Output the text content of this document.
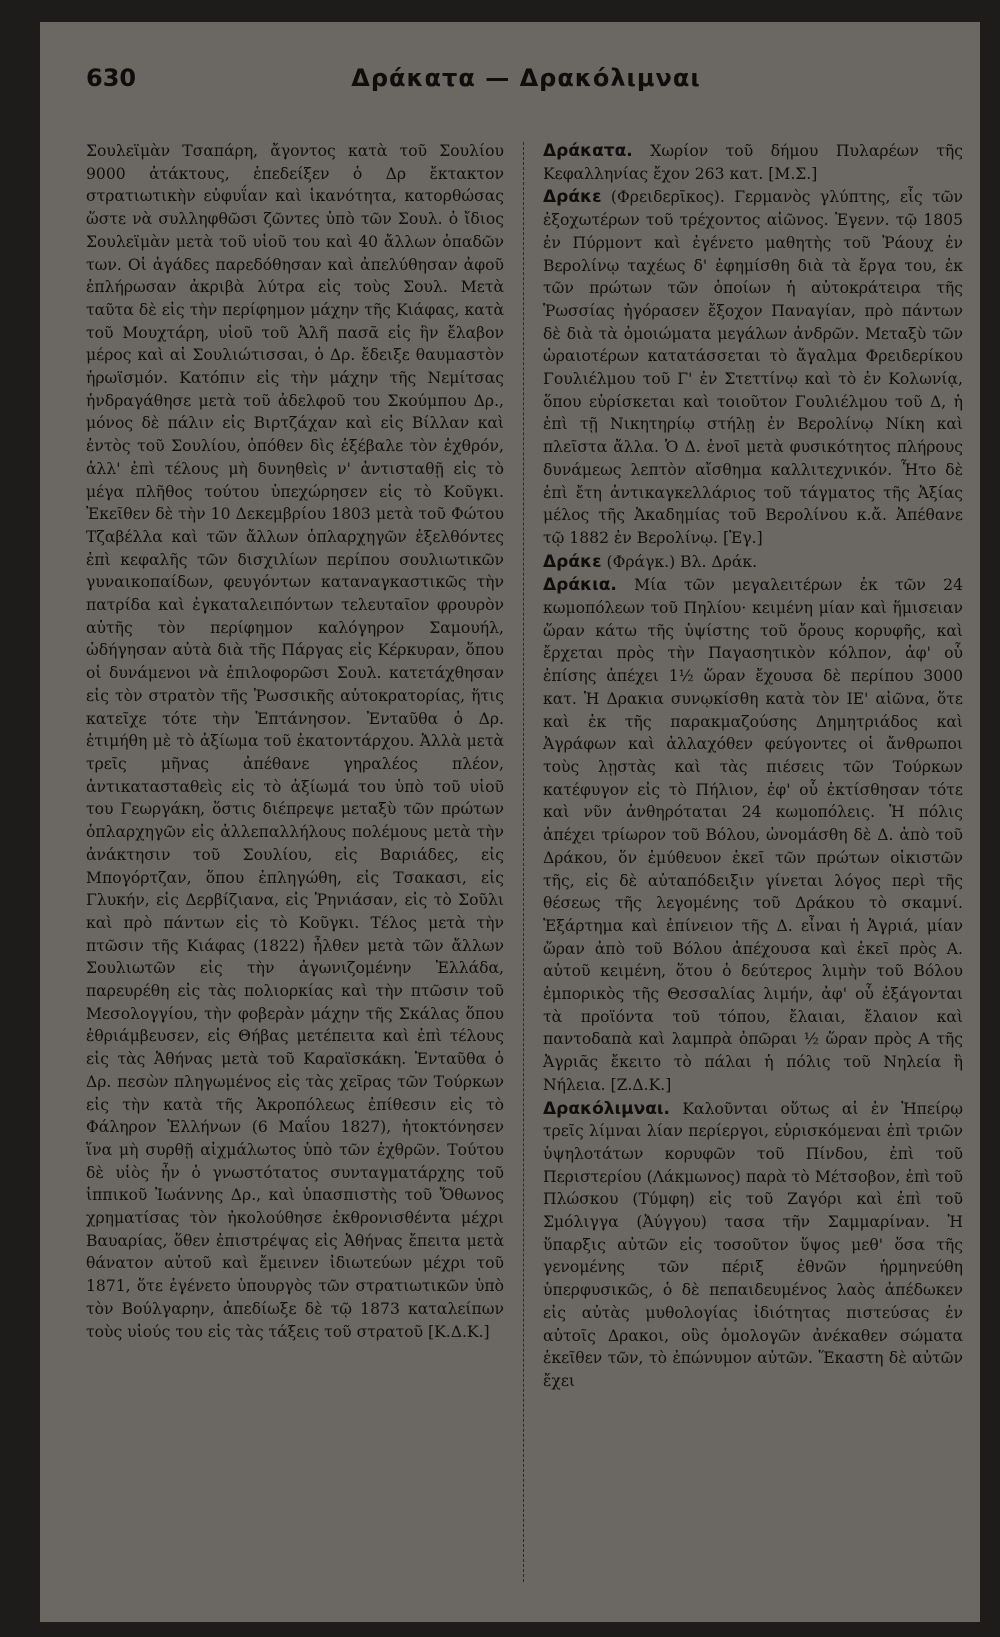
630	Δράκατα — Δρακόλιμναι

Σουλεϊμὰν Τσαπάρη, ἄγοντος κατὰ τοῦ Σουλίου 9000 ἀτάκτους, ἐπεδείξεν ὁ Δρ ἔκτακτον στρατιωτικὴν εὐφυΐαν καὶ ἱκανότητα, κατορθώσας ὥστε νὰ συλληφθῶσι ζῶντες ὑπὸ τῶν Σουλ. ὁ ἴδιος Σουλεϊμὰν μετὰ τοῦ υἱοῦ του καὶ 40 ἄλλων ὁπαδῶν των. Οἱ ἀγάδες παρεδόθησαν καὶ ἀπελύθησαν ἀφοῦ ἐπλήρωσαν ἀκριβὰ λύτρα εἰς τοὺς Σουλ. Μετὰ ταῦτα δὲ εἰς τὴν περίφημον μάχην τῆς Κιάφας, κατὰ τοῦ Μουχτάρη, υἱοῦ τοῦ Ἀλῆ πασᾶ εἰς ἣν ἔλαβον μέρος καὶ αἱ Σουλιώτισσαι, ὁ Δρ. ἔδειξε θαυμαστὸν ἡρωϊσμόν. Κατόπιν εἰς τὴν μάχην τῆς Νεμίτσας ἠνδραγάθησε μετὰ τοῦ ἀδελφοῦ του Σκούμπου Δρ., μόνος δὲ πάλιν εἰς Βιρτζάχαν καὶ εἰς Βίλλαν καὶ ἐντὸς τοῦ Σουλίου, ὁπόθεν δὶς ἐξέβαλε τὸν ἐχθρόν, ἀλλ' ἐπὶ τέλους μὴ δυνηθεὶς ν' ἀντισταθῇ εἰς τὸ μέγα πλῆθος τούτου ὑπεχώρησεν εἰς τὸ Κοῦγκι. Ἐκεῖθεν δὲ τὴν 10 Δεκεμβρίου 1803 μετὰ τοῦ Φώτου Τζαβέλλα καὶ τῶν ἄλλων ὁπλαρχηγῶν ἐξελθόντες ἐπὶ κεφαλῆς τῶν δισχιλίων περίπου σουλιωτικῶν γυναικοπαίδων, φευγόντων καταναγκαστικῶς τὴν πατρίδα καὶ ἐγκαταλειπόντων τελευταῖον φρουρὸν αὐτῆς τὸν περίφημον καλόγηρον Σαμουήλ, ὡδήγησαν αὐτὰ διὰ τῆς Πάργας εἰς Κέρκυραν, ὅπου οἱ δυνάμενοι νὰ ἐπιλοφορῶσι Σουλ. κατετάχθησαν εἰς τὸν στρατὸν τῆς Ῥωσσικῆς αὐτοκρατορίας, ἥτις κατεῖχε τότε τὴν Ἑπτάνησον. Ἐνταῦθα ὁ Δρ. ἐτιμήθη μὲ τὸ ἀξίωμα τοῦ ἑκατοντάρχου. Ἀλλὰ μετὰ τρεῖς μῆνας ἀπέθανε γηραλέος πλέον, ἀντικατασταθεὶς εἰς τὸ ἀξίωμά του ὑπὸ τοῦ υἱοῦ του Γεωργάκη, ὅστις διέπρεψε μεταξὺ τῶν πρώτων ὁπλαρχηγῶν εἰς ἀλλεπαλλήλους πολέμους μετὰ τὴν ἀνάκτησιν τοῦ Σουλίου, εἰς Βαριάδες, εἰς Μπογόρτζαν, ὅπου ἐπληγώθη, εἰς Τσακασι, εἰς Γλυκήν, εἰς Δερβίζιανα, εἰς Ῥηνιάσαν, εἰς τὸ Σοῦλι καὶ πρὸ πάντων εἰς τὸ Κοῦγκι. Τέλος μετὰ τὴν πτῶσιν τῆς Κιάφας (1822) ἦλθεν μετὰ τῶν ἄλλων Σουλιωτῶν εἰς τὴν ἀγωνιζομένην Ἑλλάδα, παρευρέθη εἰς τὰς πολιορκίας καὶ τὴν πτῶσιν τοῦ Μεσολογγίου, τὴν φοβερὰν μάχην τῆς Σκάλας ὅπου ἐθριάμβευσεν, εἰς Θήβας μετέπειτα καὶ ἐπὶ τέλους εἰς τὰς Ἀθήνας μετὰ τοῦ Καραϊσκάκη. Ἐνταῦθα ὁ Δρ. πεσὼν πληγωμένος εἰς τὰς χεῖρας τῶν Τούρκων εἰς τὴν κατὰ τῆς Ἀκροπόλεως ἐπίθεσιν εἰς τὸ Φάληρον Ἑλλήνων (6 Μαΐου 1827), ἠτοκτόνησεν ἵνα μὴ συρθῇ αἰχμάλωτος ὑπὸ τῶν ἐχθρῶν. Τούτου δὲ υἱὸς ἦν ὁ γνωστότατος συνταγματάρχης τοῦ ἱππικοῦ Ἰωάννης Δρ., καὶ ὑπασπιστὴς τοῦ Ὄθωνος χρηματίσας τὸν ἠκολούθησε ἐκθρονισθέντα μέχρι Βαυαρίας, ὅθεν ἐπιστρέψας εἰς Ἀθήνας ἔπειτα μετὰ θάνατον αὐτοῦ καὶ ἔμεινεν ἰδιωτεύων μέχρι τοῦ 1871, ὅτε ἐγένετο ὑπουργὸς τῶν στρατιωτικῶν ὑπὸ τὸν Βούλγαρην, ἀπεδίωξε δὲ τῷ 1873 καταλείπων τοὺς υἱούς του εἰς τὰς τάξεις τοῦ στρατοῦ [Κ.Δ.Κ.]

Δράκατα. Χωρίον τοῦ δήμου Πυλαρέων τῆς Κεφαλληνίας ἔχον 263 κατ. [Μ.Σ.]

Δράκε (Φρειδερῖκος). Γερμανὸς γλύπτης, εἷς τῶν ἐξοχωτέρων τοῦ τρέχοντος αἰῶνος. Ἐγενν. τῷ 1805 ἐν Πύρμοντ καὶ ἐγένετο μαθητὴς τοῦ Ῥάουχ ἐν Βερολίνῳ ταχέως δ' ἐφημίσθη διὰ τὰ ἔργα του, ἐκ τῶν πρώτων τῶν ὁποίων ἡ αὐτοκράτειρα τῆς Ῥωσσίας ἠγόρασεν ἔξοχον Παναγίαν, πρὸ πάντων δὲ διὰ τὰ ὁμοιώματα μεγάλων ἀνδρῶν. Μεταξὺ τῶν ὡραιοτέρων κατατάσσεται τὸ ἄγαλμα Φρειδερίκου Γουλιέλμου τοῦ Γ' ἐν Στεττίνῳ καὶ τὸ ἐν Κολωνίᾳ, ὅπου εὑρίσκεται καὶ τοιοῦτον Γουλιέλμου τοῦ Δ, ἡ ἐπὶ τῇ Νικητηρίῳ στήλῃ ἐν Βερολίνῳ Νίκη καὶ πλεῖστα ἄλλα. Ὁ Δ. ἑνοῖ μετὰ φυσικότητος πλήρους δυνάμεως λεπτὸν αἴσθημα καλλιτεχνικόν. Ἦτο δὲ ἐπὶ ἔτη ἀντικαγκελλάριος τοῦ τάγματος τῆς Ἀξίας μέλος τῆς Ἀκαδημίας τοῦ Βερολίνου κ.ἄ. Ἀπέθανε τῷ 1882 ἐν Βερολίνῳ. [Ἐγ.]

Δράκε (Φράγκ.) Βλ. Δράκ.

Δράκια. Μία τῶν μεγαλειτέρων ἐκ τῶν 24 κωμοπόλεων τοῦ Πηλίου· κειμένη μίαν καὶ ἥμισειαν ὥραν κάτω τῆς ὑψίστης τοῦ ὄρους κορυφῆς, καὶ ἔρχεται πρὸς τὴν Παγασητικὸν κόλπον, ἀφ' οὗ ἐπίσης ἀπέχει 1½ ὥραν ἔχουσα δὲ περίπου 3000 κατ. Ἡ Δρακια συνῳκίσθη κατὰ τὸν ΙΕ' αἰῶνα, ὅτε καὶ ἐκ τῆς παρακμαζούσης Δημητριάδος καὶ Ἀγράφων καὶ ἀλλαχόθεν φεύγοντες οἱ ἄνθρωποι τοὺς λῃστὰς καὶ τὰς πιέσεις τῶν Τούρκων κατέφυγον εἰς τὸ Πήλιον, ἐφ' οὗ ἐκτίσθησαν τότε καὶ νῦν ἀνθηρόταται 24 κωμοπόλεις. Ἡ πόλις ἀπέχει τρίωρον τοῦ Βόλου, ὠνομάσθη δὲ Δ. ἀπὸ τοῦ Δράκου, ὅν ἐμύθευον ἐκεῖ τῶν πρώτων οἰκιστῶν τῆς, εἰς δὲ αὐταπόδειξιν γίνεται λόγος περὶ τῆς θέσεως τῆς λεγομένης τοῦ Δράκου τὸ σκαμνί. Ἐξάρτημα καὶ ἐπίνειον τῆς Δ. εἶναι ἡ Ἀγριά, μίαν ὥραν ἀπὸ τοῦ Βόλου ἀπέχουσα καὶ ἐκεῖ πρὸς Α. αὐτοῦ κειμένη, ὅτου ὁ δεύτερος λιμὴν τοῦ Βόλου ἐμπορικὸς τῆς Θεσσαλίας λιμήν, ἀφ' οὗ ἐξάγονται τὰ προϊόντα τοῦ τόπου, ἔλαιαι, ἔλαιον καὶ παντοδαπὰ καὶ λαμπρὰ ὀπῶραι ½ ὥραν πρὸς Α τῆς Ἀγριᾶς ἔκειτο τὸ πάλαι ἡ πόλις τοῦ Νηλεία ἢ Νήλεια. [Ζ.Δ.Κ.]

Δρακόλιμναι. Καλοῦνται οὕτως αἱ ἐν Ἠπείρῳ τρεῖς λίμναι λίαν περίεργοι, εὑρισκόμεναι ἐπὶ τριῶν ὑψηλοτάτων κορυφῶν τοῦ Πίνδου, ἐπὶ τοῦ Περιστερίου (Λάκμωνος) παρὰ τὸ Μέτσοβον, ἐπὶ τοῦ Πλώσκου (Τύμφη) εἰς τοῦ Ζαγόρι καὶ ἐπὶ τοῦ Σμόλιγγα (Ἀύγγου) τασα τῆν Σαμμαρίναν. Ἡ ὕπαρξις αὐτῶν εἰς τοσοῦτον ὕψος μεθ' ὅσα τῆς γενομένης τῶν πέριξ ἐθνῶν ἡρμηνεύθη ὑπερφυσικῶς, ὁ δὲ πεπαιδευμένος λαὸς ἀπέδωκεν εἰς αὐτὰς μυθολογίας ἰδιότητας πιστεύσας ἐν αὐτοῖς Δρακοι, οὓς ὁμολογῶν ἀνέκαθεν σώματα ἐκεῖθεν τῶν, τὸ ἐπώνυμον αὐτῶν. Ἕκαστη δὲ αὐτῶν ἔχει
